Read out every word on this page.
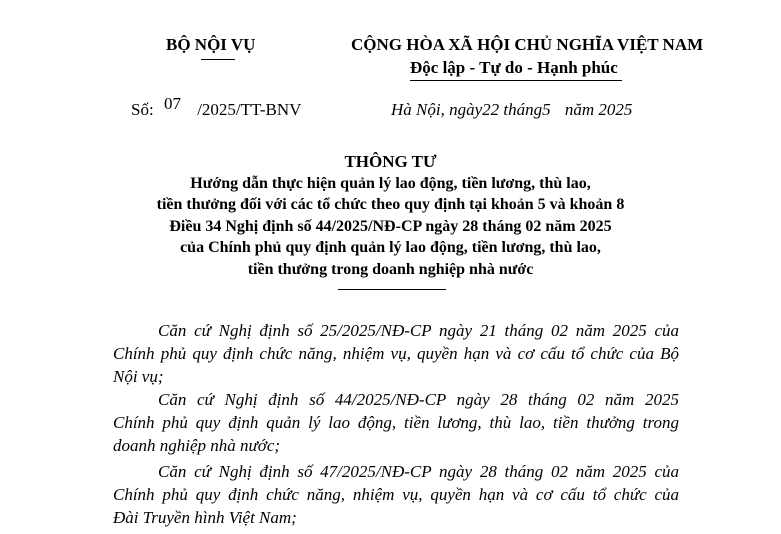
BỘ NỘI VỤ	CỘNG HÒA XÃ HỘI CHỦ NGHĨA VIỆT NAM
Độc lập - Tự do - Hạnh phúc
Số: 07 /2025/TT-BNV	Hà Nội, ngày22 tháng5 năm 2025
THÔNG TƯ
Hướng dẫn thực hiện quản lý lao động, tiền lương, thù lao,
tiền thưởng đối với các tổ chức theo quy định tại khoản 5 và khoản 8
Điều 34 Nghị định số 44/2025/NĐ-CP ngày 28 tháng 02 năm 2025
của Chính phủ quy định quản lý lao động, tiền lương, thù lao,
tiền thưởng trong doanh nghiệp nhà nước
Căn cứ Nghị định số 25/2025/NĐ-CP ngày 21 tháng 02 năm 2025 của
Chính phủ quy định chức năng, nhiệm vụ, quyền hạn và cơ cấu tổ chức của Bộ
Nội vụ;
Căn cứ Nghị định số 44/2025/NĐ-CP ngày 28 tháng 02 năm 2025
Chính phủ quy định quản lý lao động, tiền lương, thù lao, tiền thưởng trong
doanh nghiệp nhà nước;
Căn cứ Nghị định số 47/2025/NĐ-CP ngày 28 tháng 02 năm 2025 của
Chính phủ quy định chức năng, nhiệm vụ, quyền hạn và cơ cấu tổ chức của
Đài Truyền hình Việt Nam;
